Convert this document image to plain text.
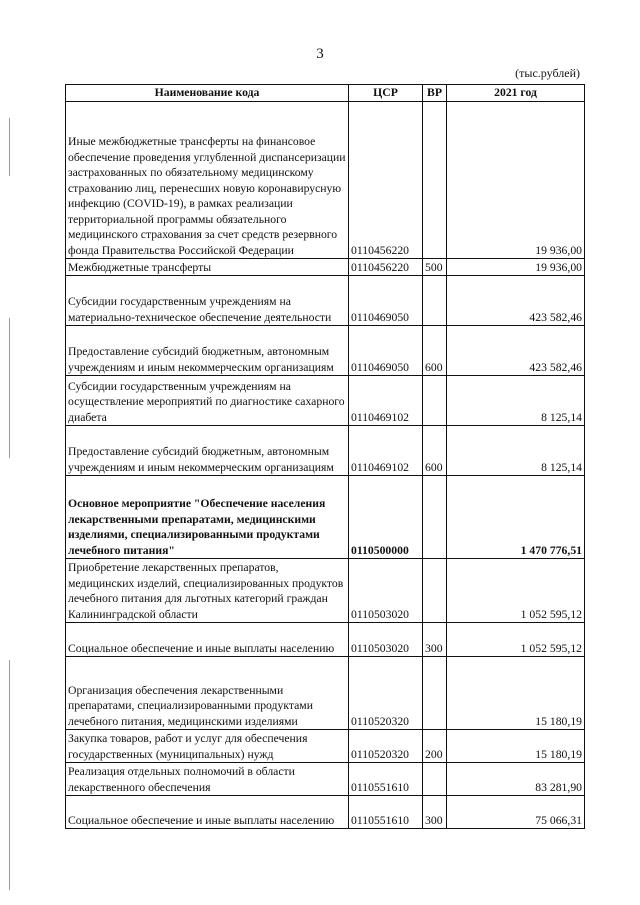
3
(тыс.рублей)
Наименование кода	ЦСР	ВР	2021 год
Иные межбюджетные трансферты на финансовое обеспечение проведения углубленной диспансеризации застрахованных по обязательному медицинскому страхованию лиц, перенесших новую коронавирусную инфекцию (COVID-19), в рамках реализации территориальной программы обязательного медицинского страхования за счет средств резервного фонда Правительства Российской Федерации	0110456220		19 936,00
Межбюджетные трансферты	0110456220	500	19 936,00
Субсидии государственным учреждениям на материально-техническое обеспечение деятельности	0110469050		423 582,46
Предоставление субсидий бюджетным, автономным учреждениям и иным некоммерческим организациям	0110469050	600	423 582,46
Субсидии государственным учреждениям на осуществление мероприятий по диагностике сахарного диабета	0110469102		8 125,14
Предоставление субсидий бюджетным, автономным учреждениям и иным некоммерческим организациям	0110469102	600	8 125,14
Основное мероприятие "Обеспечение населения лекарственными препаратами, медицинскими изделиями, специализированными продуктами лечебного питания"	0110500000		1 470 776,51
Приобретение лекарственных препаратов, медицинских изделий, специализированных продуктов лечебного питания для льготных категорий граждан Калининградской области	0110503020		1 052 595,12
Социальное обеспечение и иные выплаты населению	0110503020	300	1 052 595,12
Организация обеспечения лекарственными препаратами, специализированными продуктами лечебного питания, медицинскими изделиями	0110520320		15 180,19
Закупка товаров, работ и услуг для обеспечения государственных (муниципальных) нужд	0110520320	200	15 180,19
Реализация отдельных полномочий в области лекарственного обеспечения	0110551610		83 281,90
Социальное обеспечение и иные выплаты населению	0110551610	300	75 066,31
